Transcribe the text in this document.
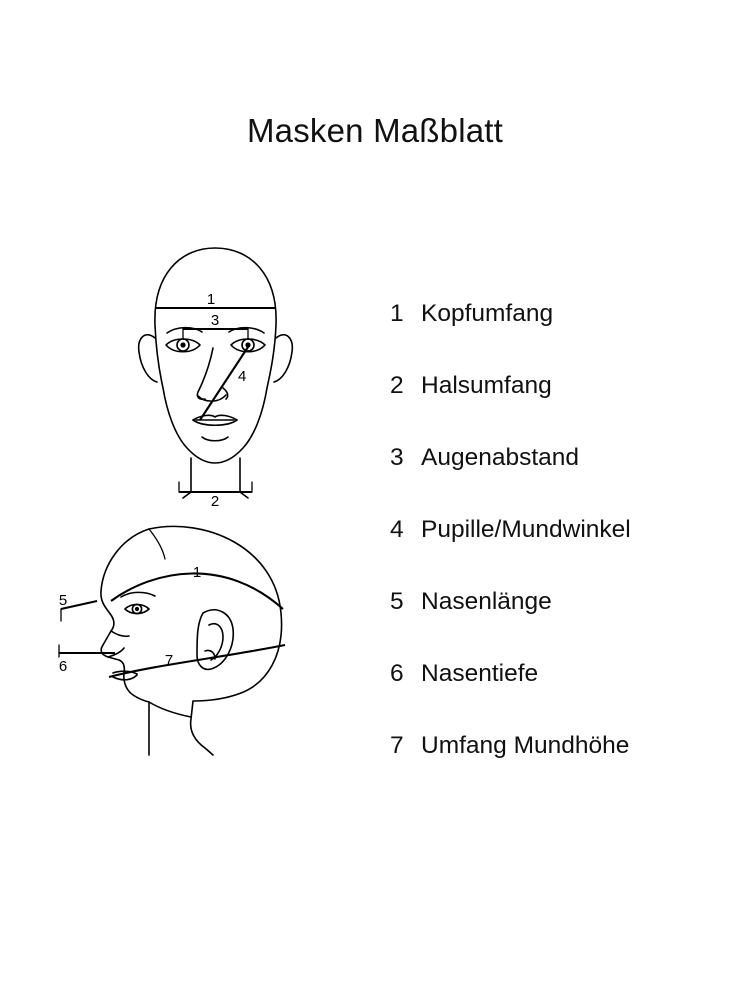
Masken Maßblatt
1
3
4
2
1
5
6	7
1 Kopfumfang
2 Halsumfang
3 Augenabstand
4 Pupille/Mundwinkel
5 Nasenlänge
6 Nasentiefe
7 Umfang Mundhöhe
